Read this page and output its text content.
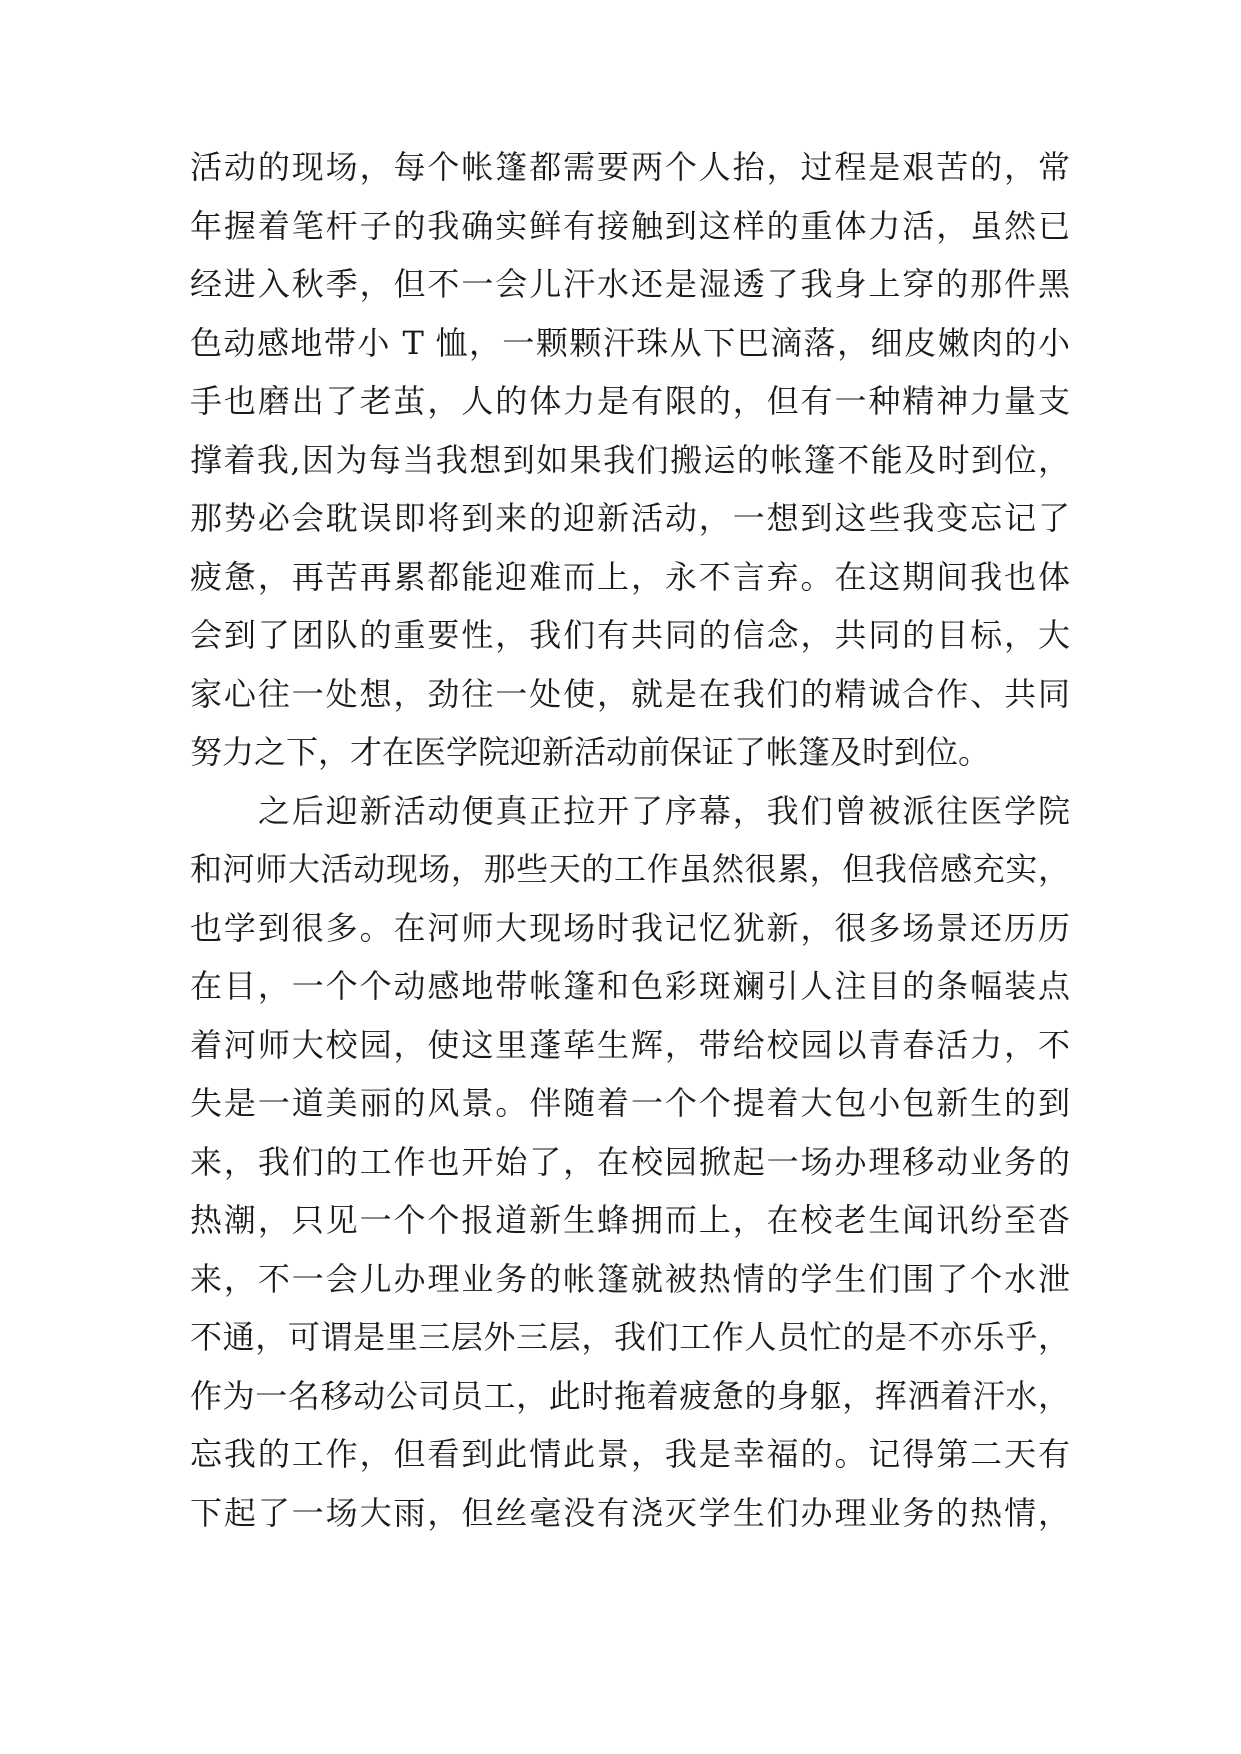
活动的现场，每个帐篷都需要两个人抬，过程是艰苦的，常
年握着笔杆子的我确实鲜有接触到这样的重体力活，虽然已
经进入秋季，但不一会儿汗水还是湿透了我身上穿的那件黑
色动感地带小 T 恤，一颗颗汗珠从下巴滴落，细皮嫩肉的小
手也磨出了老茧，人的体力是有限的，但有一种精神力量支
撑着我,因为每当我想到如果我们搬运的帐篷不能及时到位，
那势必会耽误即将到来的迎新活动，一想到这些我变忘记了
疲惫，再苦再累都能迎难而上，永不言弃。在这期间我也体
会到了团队的重要性，我们有共同的信念，共同的目标，大
家心往一处想，劲往一处使，就是在我们的精诚合作、共同
努力之下，才在医学院迎新活动前保证了帐篷及时到位。
之后迎新活动便真正拉开了序幕，我们曾被派往医学院
和河师大活动现场，那些天的工作虽然很累，但我倍感充实，
也学到很多。在河师大现场时我记忆犹新，很多场景还历历
在目，一个个动感地带帐篷和色彩斑斓引人注目的条幅装点
着河师大校园，使这里蓬荜生辉，带给校园以青春活力，不
失是一道美丽的风景。伴随着一个个提着大包小包新生的到
来，我们的工作也开始了，在校园掀起一场办理移动业务的
热潮，只见一个个报道新生蜂拥而上，在校老生闻讯纷至沓
来，不一会儿办理业务的帐篷就被热情的学生们围了个水泄
不通，可谓是里三层外三层，我们工作人员忙的是不亦乐乎，
作为一名移动公司员工，此时拖着疲惫的身躯，挥洒着汗水，
忘我的工作，但看到此情此景，我是幸福的。记得第二天有
下起了一场大雨，但丝毫没有浇灭学生们办理业务的热情，
